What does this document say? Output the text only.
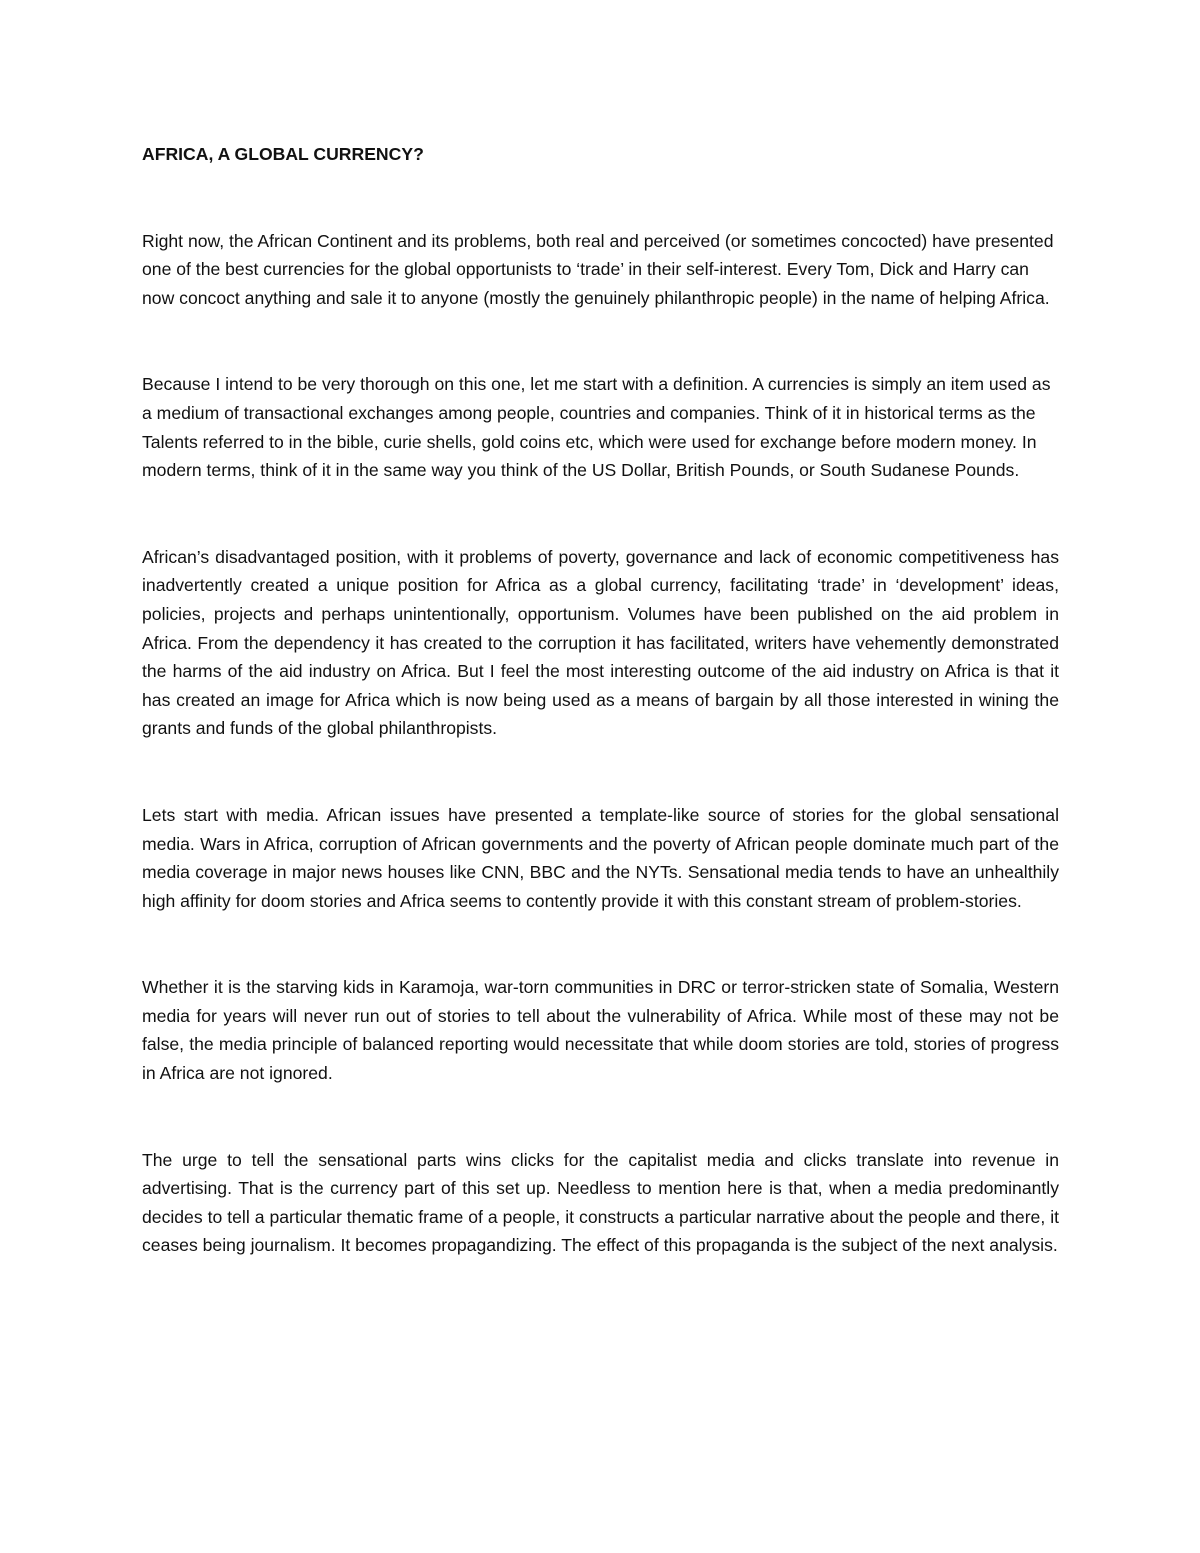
AFRICA, A GLOBAL CURRENCY?

Right now, the African Continent and its problems, both real and perceived (or sometimes concocted) have presented one of the best currencies for the global opportunists to ‘trade’ in their self-interest. Every Tom, Dick and Harry can now concoct anything and sale it to anyone (mostly the genuinely philanthropic people) in the name of helping Africa.

Because I intend to be very thorough on this one, let me start with a definition. A currencies is simply an item used as a medium of transactional exchanges among people, countries and companies. Think of it in historical terms as the Talents referred to in the bible, curie shells, gold coins etc, which were used for exchange before modern money. In modern terms, think of it in the same way you think of the US Dollar, British Pounds, or South Sudanese Pounds.

African’s disadvantaged position, with it problems of poverty, governance and lack of economic competitiveness has inadvertently created a unique position for Africa as a global currency, facilitating ‘trade’ in ‘development’ ideas, policies, projects and perhaps unintentionally, opportunism. Volumes have been published on the aid problem in Africa. From the dependency it has created to the corruption it has facilitated, writers have vehemently demonstrated the harms of the aid industry on Africa. But I feel the most interesting outcome of the aid industry on Africa is that it has created an image for Africa which is now being used as a means of bargain by all those interested in wining the grants and funds of the global philanthropists.

Lets start with media. African issues have presented a template-like source of stories for the global sensational media. Wars in Africa, corruption of African governments and the poverty of African people dominate much part of the media coverage in major news houses like CNN, BBC and the NYTs. Sensational media tends to have an unhealthily high affinity for doom stories and Africa seems to contently provide it with this constant stream of problem-stories.

Whether it is the starving kids in Karamoja, war-torn communities in DRC or terror-stricken state of Somalia, Western media for years will never run out of stories to tell about the vulnerability of Africa. While most of these may not be false, the media principle of balanced reporting would necessitate that while doom stories are told, stories of progress in Africa are not ignored.

The urge to tell the sensational parts wins clicks for the capitalist media and clicks translate into revenue in advertising. That is the currency part of this set up. Needless to mention here is that, when a media predominantly decides to tell a particular thematic frame of a people, it constructs a particular narrative about the people and there, it ceases being journalism. It becomes propagandizing. The effect of this propaganda is the subject of the next analysis.
